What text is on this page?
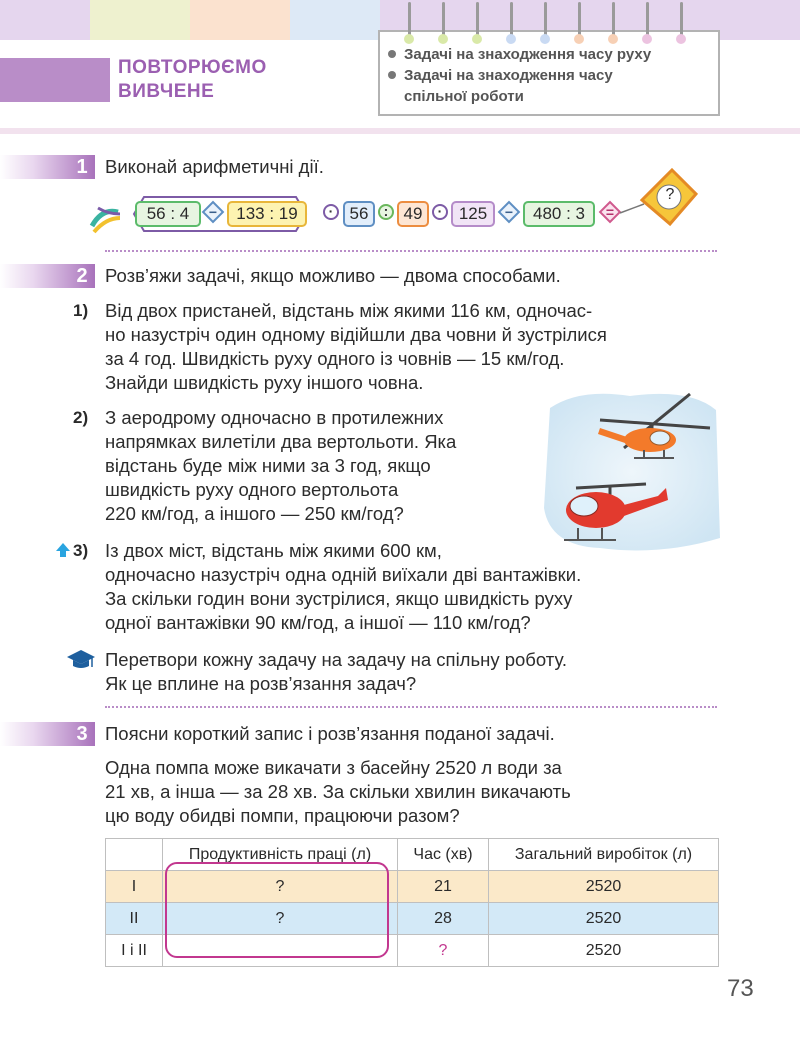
ПОВТОРЮЄМО
ВИВЧЕНЕ
Задачі на знаходження часу руху
Задачі на знаходження часу
спільної роботи
1 Виконай арифметичні дії.
56 : 4	−	133 : 19	· 56	: 49	· 125	−	480 : 3	=
?
2 Розв’яжи задачі, якщо можливо — двома способами.
1) Від двох пристаней, відстань між якими 116 км, одночас-
но назустріч один одному відійшли два човни й зустрілися
за 4 год. Швидкість руху одного із човнів — 15 км/год.
Знайди швидкість руху іншого човна.
2) З аеродрому одночасно в протилежних
напрямках вилетіли два вертольоти. Яка
відстань буде між ними за 3 год, якщо
швидкість руху одного вертольота
220 км/год, а іншого — 250 км/год?
3) Із двох міст, відстань між якими 600 км,
одночасно назустріч одна одній виїхали дві вантажівки.
За скільки годин вони зустрілися, якщо швидкість руху
одної вантажівки 90 км/год, а іншої — 110 км/год?
Перетвори кожну задачу на задачу на спільну роботу.
Як це вплине на розв’язання задач?
3 Поясни короткий запис і розв’язання поданої задачі.
Одна помпа може викачати з басейну 2520 л води за
21 хв, а інша — за 28 хв. За скільки хвилин викачають
цю воду обидві помпи, працюючи разом?
	Продуктивність праці (л)	Час (хв)	Загальний виробіток (л)
I	?	21	2520
II	?	28	2520
I i II		?	2520
73
